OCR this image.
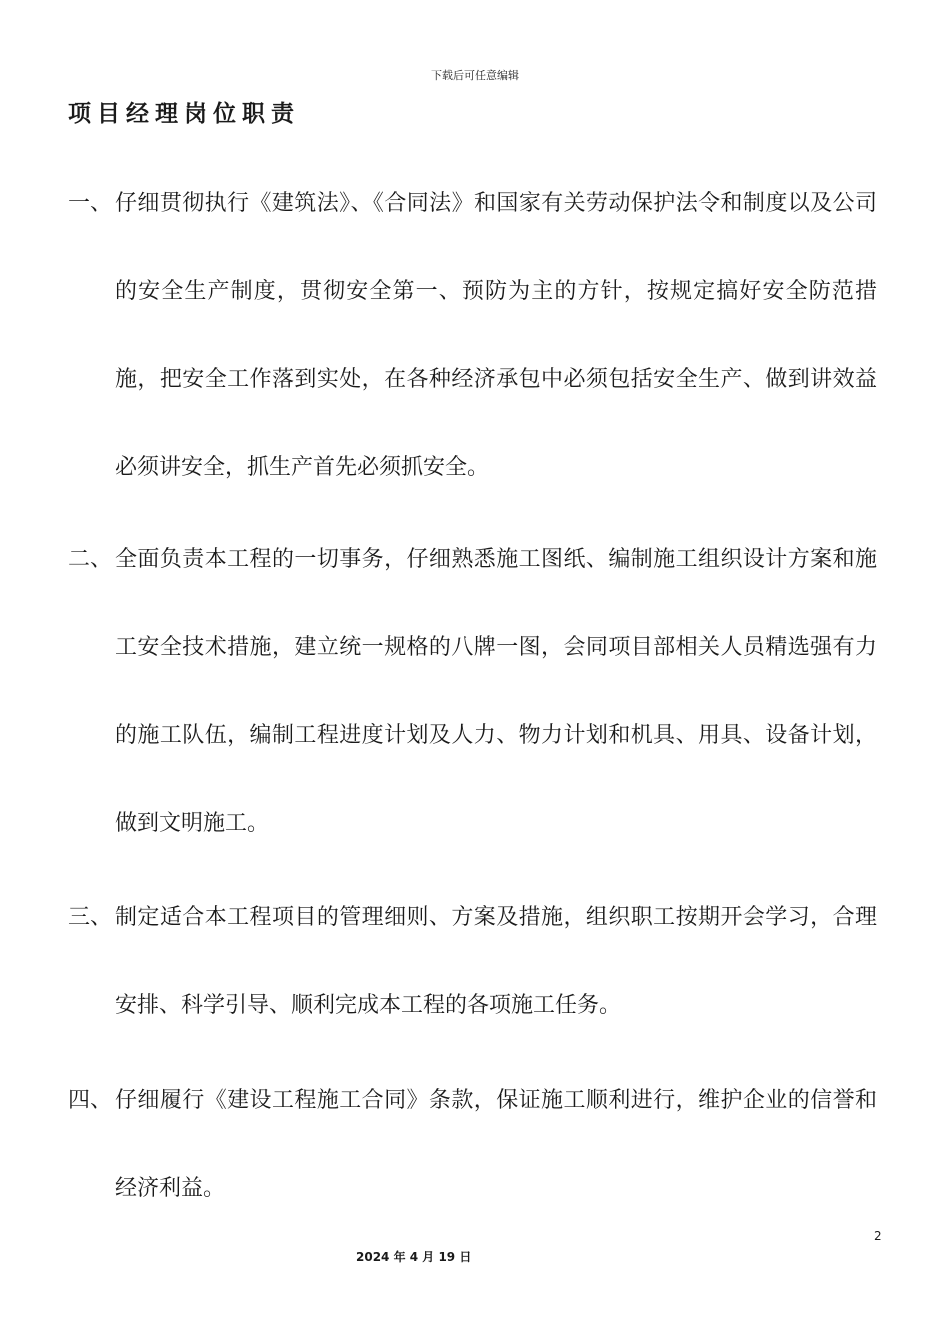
下载后可任意编辑
项目经理岗位职责
一、 仔细贯彻执行《建筑法》、《合同法》和国家有关劳动保护法令和制度以及公司的安全生产制度，贯彻安全第一、预防为主的方针，按规定搞好安全防范措施，把安全工作落到实处，在各种经济承包中必须包括安全生产、做到讲效益必须讲安全，抓生产首先必须抓安全。
二、 全面负责本工程的一切事务，仔细熟悉施工图纸、编制施工组织设计方案和施工安全技术措施，建立统一规格的八牌一图，会同项目部相关人员精选强有力的施工队伍，编制工程进度计划及人力、物力计划和机具、用具、设备计划，做到文明施工。
三、 制定适合本工程项目的管理细则、方案及措施，组织职工按期开会学习，合理安排、科学引导、顺利完成本工程的各项施工任务。
四、 仔细履行《建设工程施工合同》条款，保证施工顺利进行，维护企业的信誉和经济利益。
2
2024 年 4 月 19 日
